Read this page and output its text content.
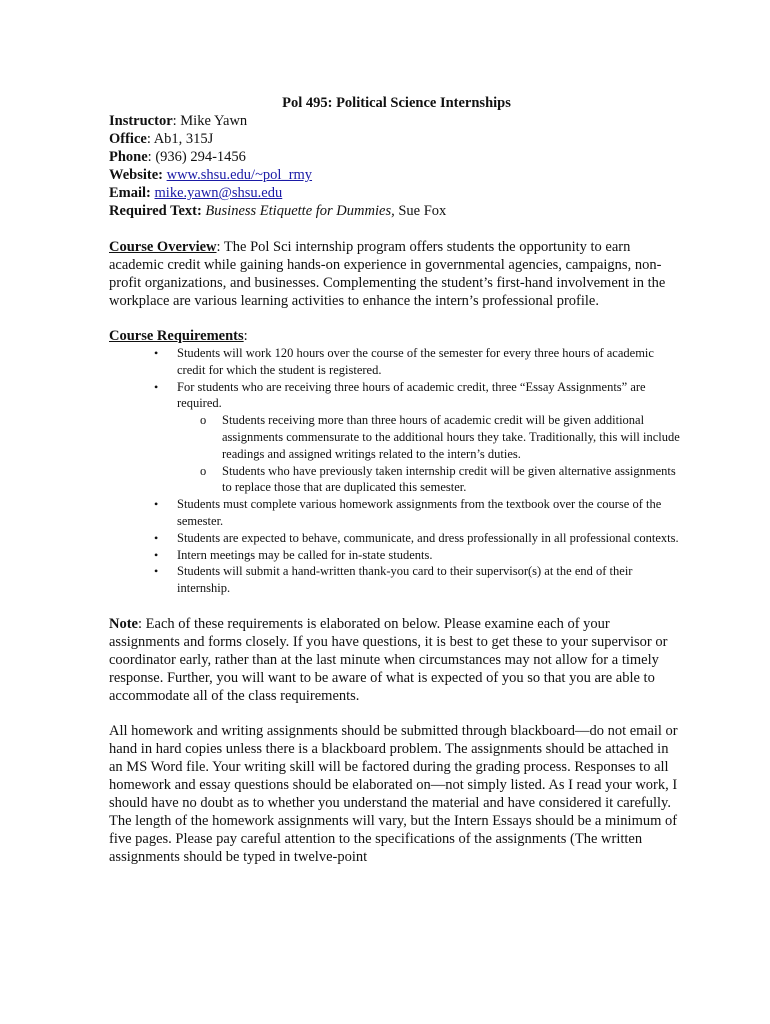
Pol 495: Political Science Internships

Instructor: Mike Yawn

Office: Ab1, 315J

Phone: (936) 294-1456

Website: www.shsu.edu/~pol_rmy

Email: mike.yawn@shsu.edu

Required Text: Business Etiquette for Dummies, Sue Fox

Course Overview: The Pol Sci internship program offers students the opportunity to earn academic credit while gaining hands-on experience in governmental agencies, campaigns, non-profit organizations, and businesses. Complementing the student’s first-hand involvement in the workplace are various learning activities to enhance the intern’s professional profile.

Course Requirements:

• Students will work 120 hours over the course of the semester for every three hours of academic credit for which the student is registered.
• For students who are receiving three hours of academic credit, three “Essay Assignments” are required.
o Students receiving more than three hours of academic credit will be given additional assignments commensurate to the additional hours they take. Traditionally, this will include readings and assigned writings related to the intern’s duties.
o Students who have previously taken internship credit will be given alternative assignments to replace those that are duplicated this semester.
• Students must complete various homework assignments from the textbook over the course of the semester.
• Students are expected to behave, communicate, and dress professionally in all professional contexts.
• Intern meetings may be called for in-state students.
• Students will submit a hand-written thank-you card to their supervisor(s) at the end of their internship.

Note: Each of these requirements is elaborated on below. Please examine each of your assignments and forms closely. If you have questions, it is best to get these to your supervisor or coordinator early, rather than at the last minute when circumstances may not allow for a timely response. Further, you will want to be aware of what is expected of you so that you are able to accommodate all of the class requirements.

All homework and writing assignments should be submitted through blackboard—do not email or hand in hard copies unless there is a blackboard problem. The assignments should be attached in an MS Word file. Your writing skill will be factored during the grading process. Responses to all homework and essay questions should be elaborated on—not simply listed. As I read your work, I should have no doubt as to whether you understand the material and have considered it carefully. The length of the homework assignments will vary, but the Intern Essays should be a minimum of five pages. Please pay careful attention to the specifications of the assignments (The written assignments should be typed in twelve-point
